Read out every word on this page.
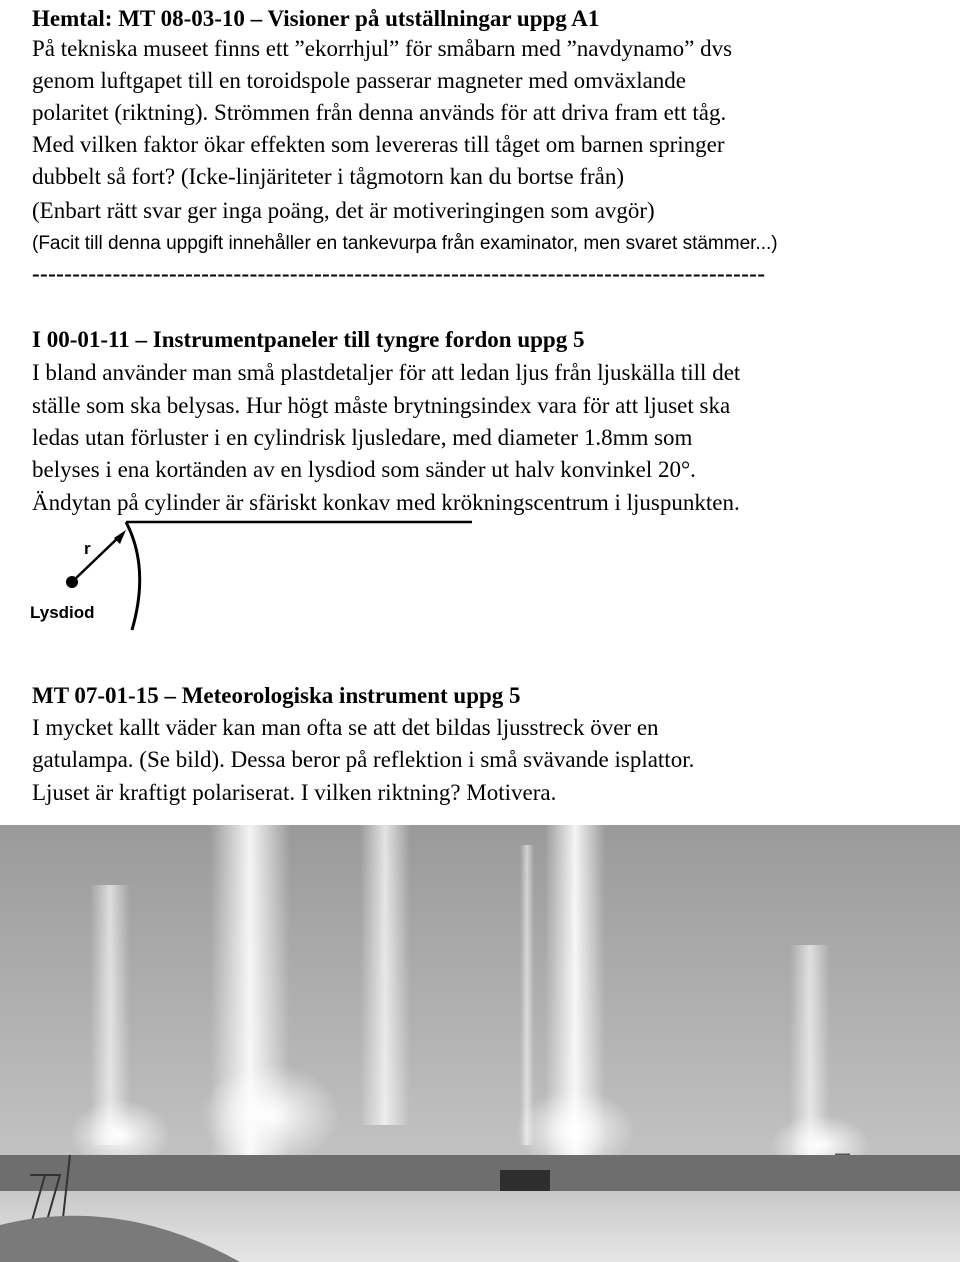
Hemtal: MT 08-03-10 – Visioner på utställningar uppg A1
På tekniska museet finns ett ”ekorrhjul” för småbarn med ”navdynamo” dvs
genom luftgapet till en toroidspole passerar magneter med omväxlande
polaritet (riktning). Strömmen från denna används för att driva fram ett tåg.
Med vilken faktor ökar effekten som levereras till tåget om barnen springer
dubbelt så fort? (Icke-linjäriteter i tågmotorn kan du bortse från)
(Enbart rätt svar ger inga poäng, det är motiveringingen som avgör)
(Facit till denna uppgift innehåller en tankevurpa från examinator, men svaret stämmer...)
-------------------------------------------------------------------------------------------
I 00-01-11 – Instrumentpaneler till tyngre fordon uppg 5
I bland använder man små plastdetaljer för att ledan ljus från ljuskälla till det
ställe som ska belysas. Hur högt måste brytningsindex vara för att ljuset ska
ledas utan förluster i en cylindrisk ljusledare, med diameter 1.8mm som
belyses i ena kortänden av en lysdiod som sänder ut halv konvinkel 20°.
Ändytan på cylinder är sfäriskt konkav med krökningscentrum i ljuspunkten.
r
Lysdiod
MT 07-01-15 – Meteorologiska instrument uppg 5
I mycket kallt väder kan man ofta se att det bildas ljusstreck över en
gatulampa. (Se bild). Dessa beror på reflektion i små svävande isplattor.
Ljuset är kraftigt polariserat. I vilken riktning? Motivera.
